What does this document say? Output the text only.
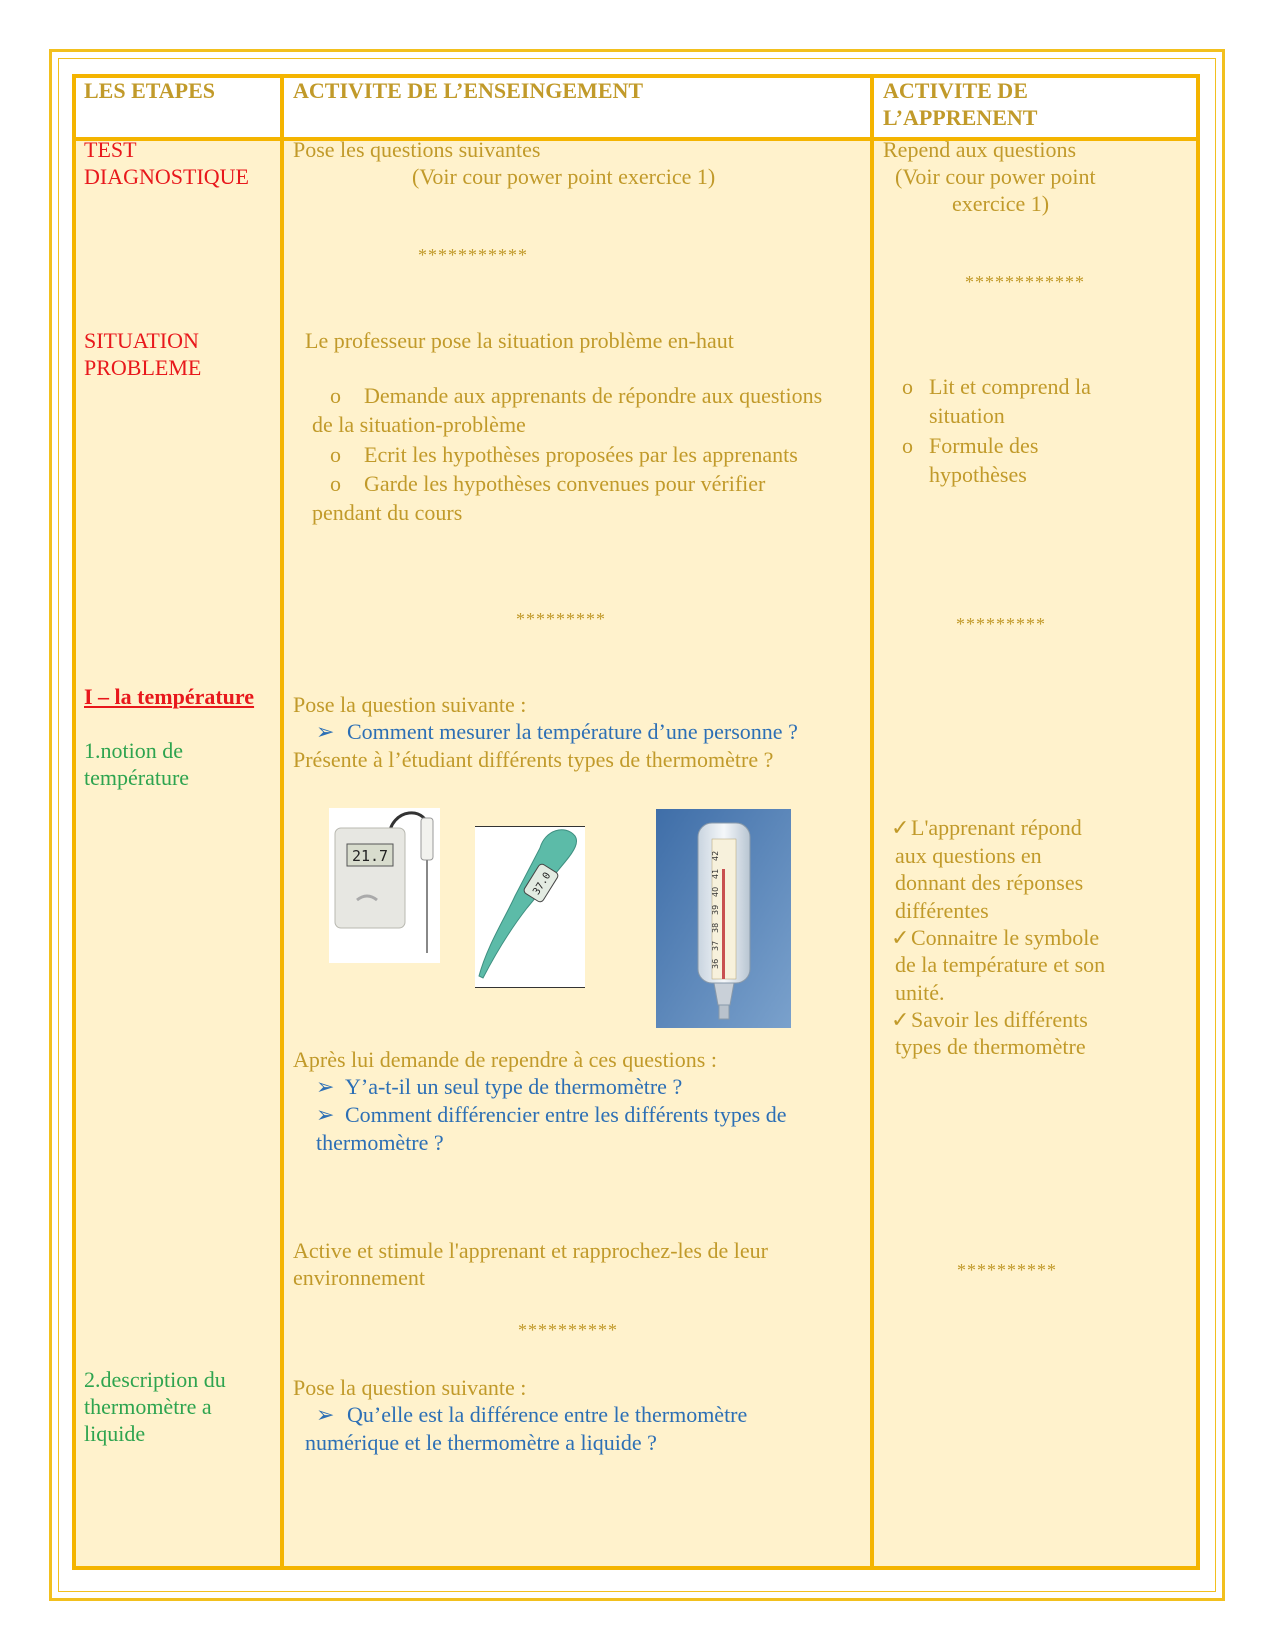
LES ETAPES	ACTIVITE DE L’ENSEINGEMENT	ACTIVITE DE
L’APPRENENT
TEST
DIAGNOSTIQUE
SITUATION
PROBLEME
I – la température
1.notion de
température
2.description du
thermomètre a
liquide
Pose les questions suivantes
(Voir cour power point exercice 1)
***********
Le professeur pose la situation problème en-haut
o Demande aux apprenants de répondre aux questions
de la situation-problème
o Ecrit les hypothèses proposées par les apprenants
o Garde les hypothèses convenues pour vérifier
pendant du cours
*********
Pose la question suivante :
➢ Comment mesurer la température d’une personne ?
Présente à l’étudiant différents types de thermomètre ?
21.7
37.0
36
37
38
39
40
41
42
Après lui demande de rependre à ces questions :
➢ Y’a-t-il un seul type de thermomètre ?
➢ Comment différencier entre les différents types de
thermomètre ?
Active et stimule l'apprenant et rapprochez-les de leur
environnement
**********
Pose la question suivante :
➢ Qu’elle est la différence entre le thermomètre
numérique et le thermomètre a liquide ?
Repend aux questions
(Voir cour power point
exercice 1)
************
o Lit et comprend la
situation
o Formule des
hypothèses
*********
✓ L'apprenant répond
aux questions en
donnant des réponses
différentes
✓ Connaitre le symbole
de la température et son
unité.
✓ Savoir les différents
types de thermomètre
**********
